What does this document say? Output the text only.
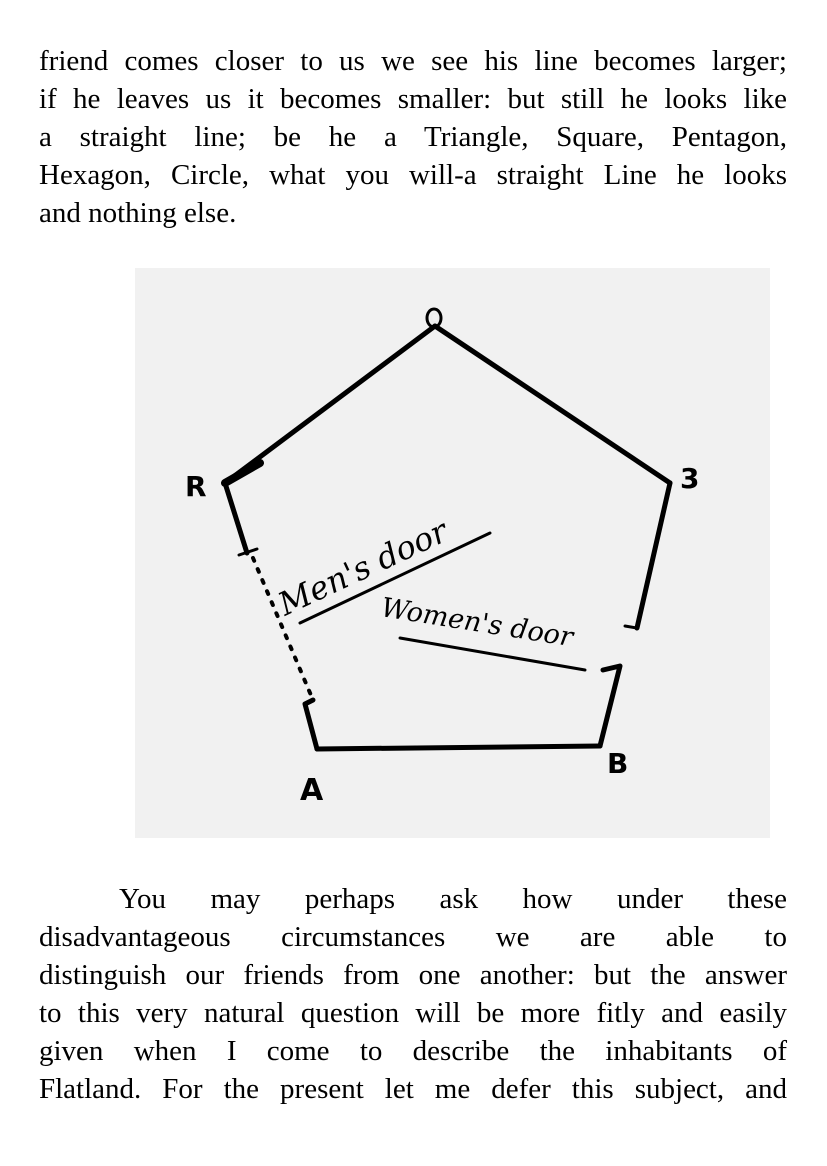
friend comes closer to us we see his line becomes larger;
if he leaves us it becomes smaller: but still he looks like
a straight line; be he a Triangle, Square, Pentagon,
Hexagon, Circle, what you will-a straight Line he looks
and nothing else.
3
R
A
B
Men's door
Women's door
You may perhaps ask how under these
disadvantageous circumstances we are able to
distinguish our friends from one another: but the answer
to this very natural question will be more fitly and easily
given when I come to describe the inhabitants of
Flatland. For the present let me defer this subject, and
